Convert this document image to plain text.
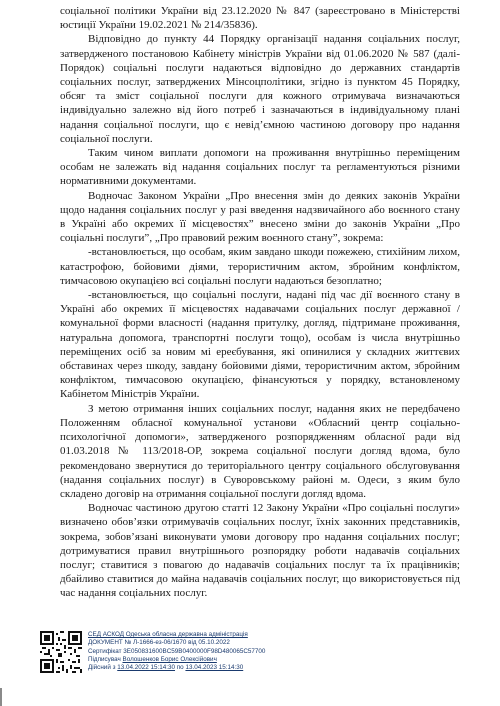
соціальної політики України від 23.12.2020 № 847 (зареєстровано в Міністерстві юстиції України 19.02.2021 № 214/35836).

Відповідно до пункту 44 Порядку організації надання соціальних послуг, затвердженого постановою Кабінету міністрів України від 01.06.2020 № 587 (далі-Порядок) соціальні послуги надаються відповідно до державних стандартів соціальних послуг, затверджених Мінсоцполітики, згідно із пунктом 45 Порядку, обсяг та зміст соціальної послуги для кожного отримувача визначаються індивідуально залежно від його потреб і зазначаються в індивідуальному плані надання соціальної послуги, що є невід’ємною частиною договору про надання соціальної послуги.

Таким чином виплати допомоги на проживання внутрішньо переміщеним особам не залежать від надання соціальних послуг та регламентуються різними нормативними документами.

Водночас Законом України „Про внесення змін до деяких законів України щодо надання соціальних послуг у разі введення надзвичайного або воєнного стану в Україні або окремих її місцевостях” внесено зміни до законів України „Про соціальні послуги”, „Про правовий режим воєнного стану”, зокрема:

-встановлюється, що особам, яким завдано шкоди пожежею, стихійним лихом, катастрофою, бойовими діями, терористичним актом, збройним конфліктом, тимчасовою окупацією всі соціальні послуги надаються безоплатно;

-встановлюється, що соціальні послуги, надані під час дії воєнного стану в Україні або окремих її місцевостях надавачами соціальних послуг державної / комунальної форми власності (надання притулку, догляд, підтримане проживання, натуральна допомога, транспортні послуги тощо), особам із числа внутрішньо переміщених осіб за новим мі ереєбування, які опинилися у складних життєвих обставинах через шкоду, завдану бойовими діями, терористичним актом, збройним конфліктом, тимчасовою окупацією, фінансуються у порядку, встановленому Кабінетом Міністрів України.

З метою отримання інших соціальних послуг, надання яких не передбачено Положенням обласної комунальної установи «Обласний центр соціально-психологічної допомоги», затвердженого розпорядженням обласної ради від 01.03.2018 № 113/2018-ОР, зокрема соціальної послуги догляд вдома, було рекомендовано звернутися до територіального центру соціального обслуговування (надання соціальних послуг) в Суворовському районі м. Одеси, з яким було складено договір на отримання соціальної послуги догляд вдома.

Водночас частиною другою статті 12 Закону України «Про соціальні послуги» визначено обов’язки отримувачів соціальних послуг, їхніх законних представників, зокрема, зобов’язані виконувати умови договору про надання соціальних послуг; дотримуватися правил внутрішнього розпорядку роботи надавачів соціальних послуг; ставитися з повагою до надавачів соціальних послуг та їх працівників; дбайливо ставитися до майна надавачів соціальних послуг, що використовується під час надання соціальних послуг.

СЕД АСКОД Одеська обласна державна адміністрація
ДОКУМЕНТ № Л-1666-ез-06/1670 від 05.10.2022
Сертифікат 3E050831600BC59B0400000F98D480065C57700
Підписувач Волошенков Борис Олексійович
Дійсний з 13.04.2022 15:14:30 по 13.04.2023 15:14:30
